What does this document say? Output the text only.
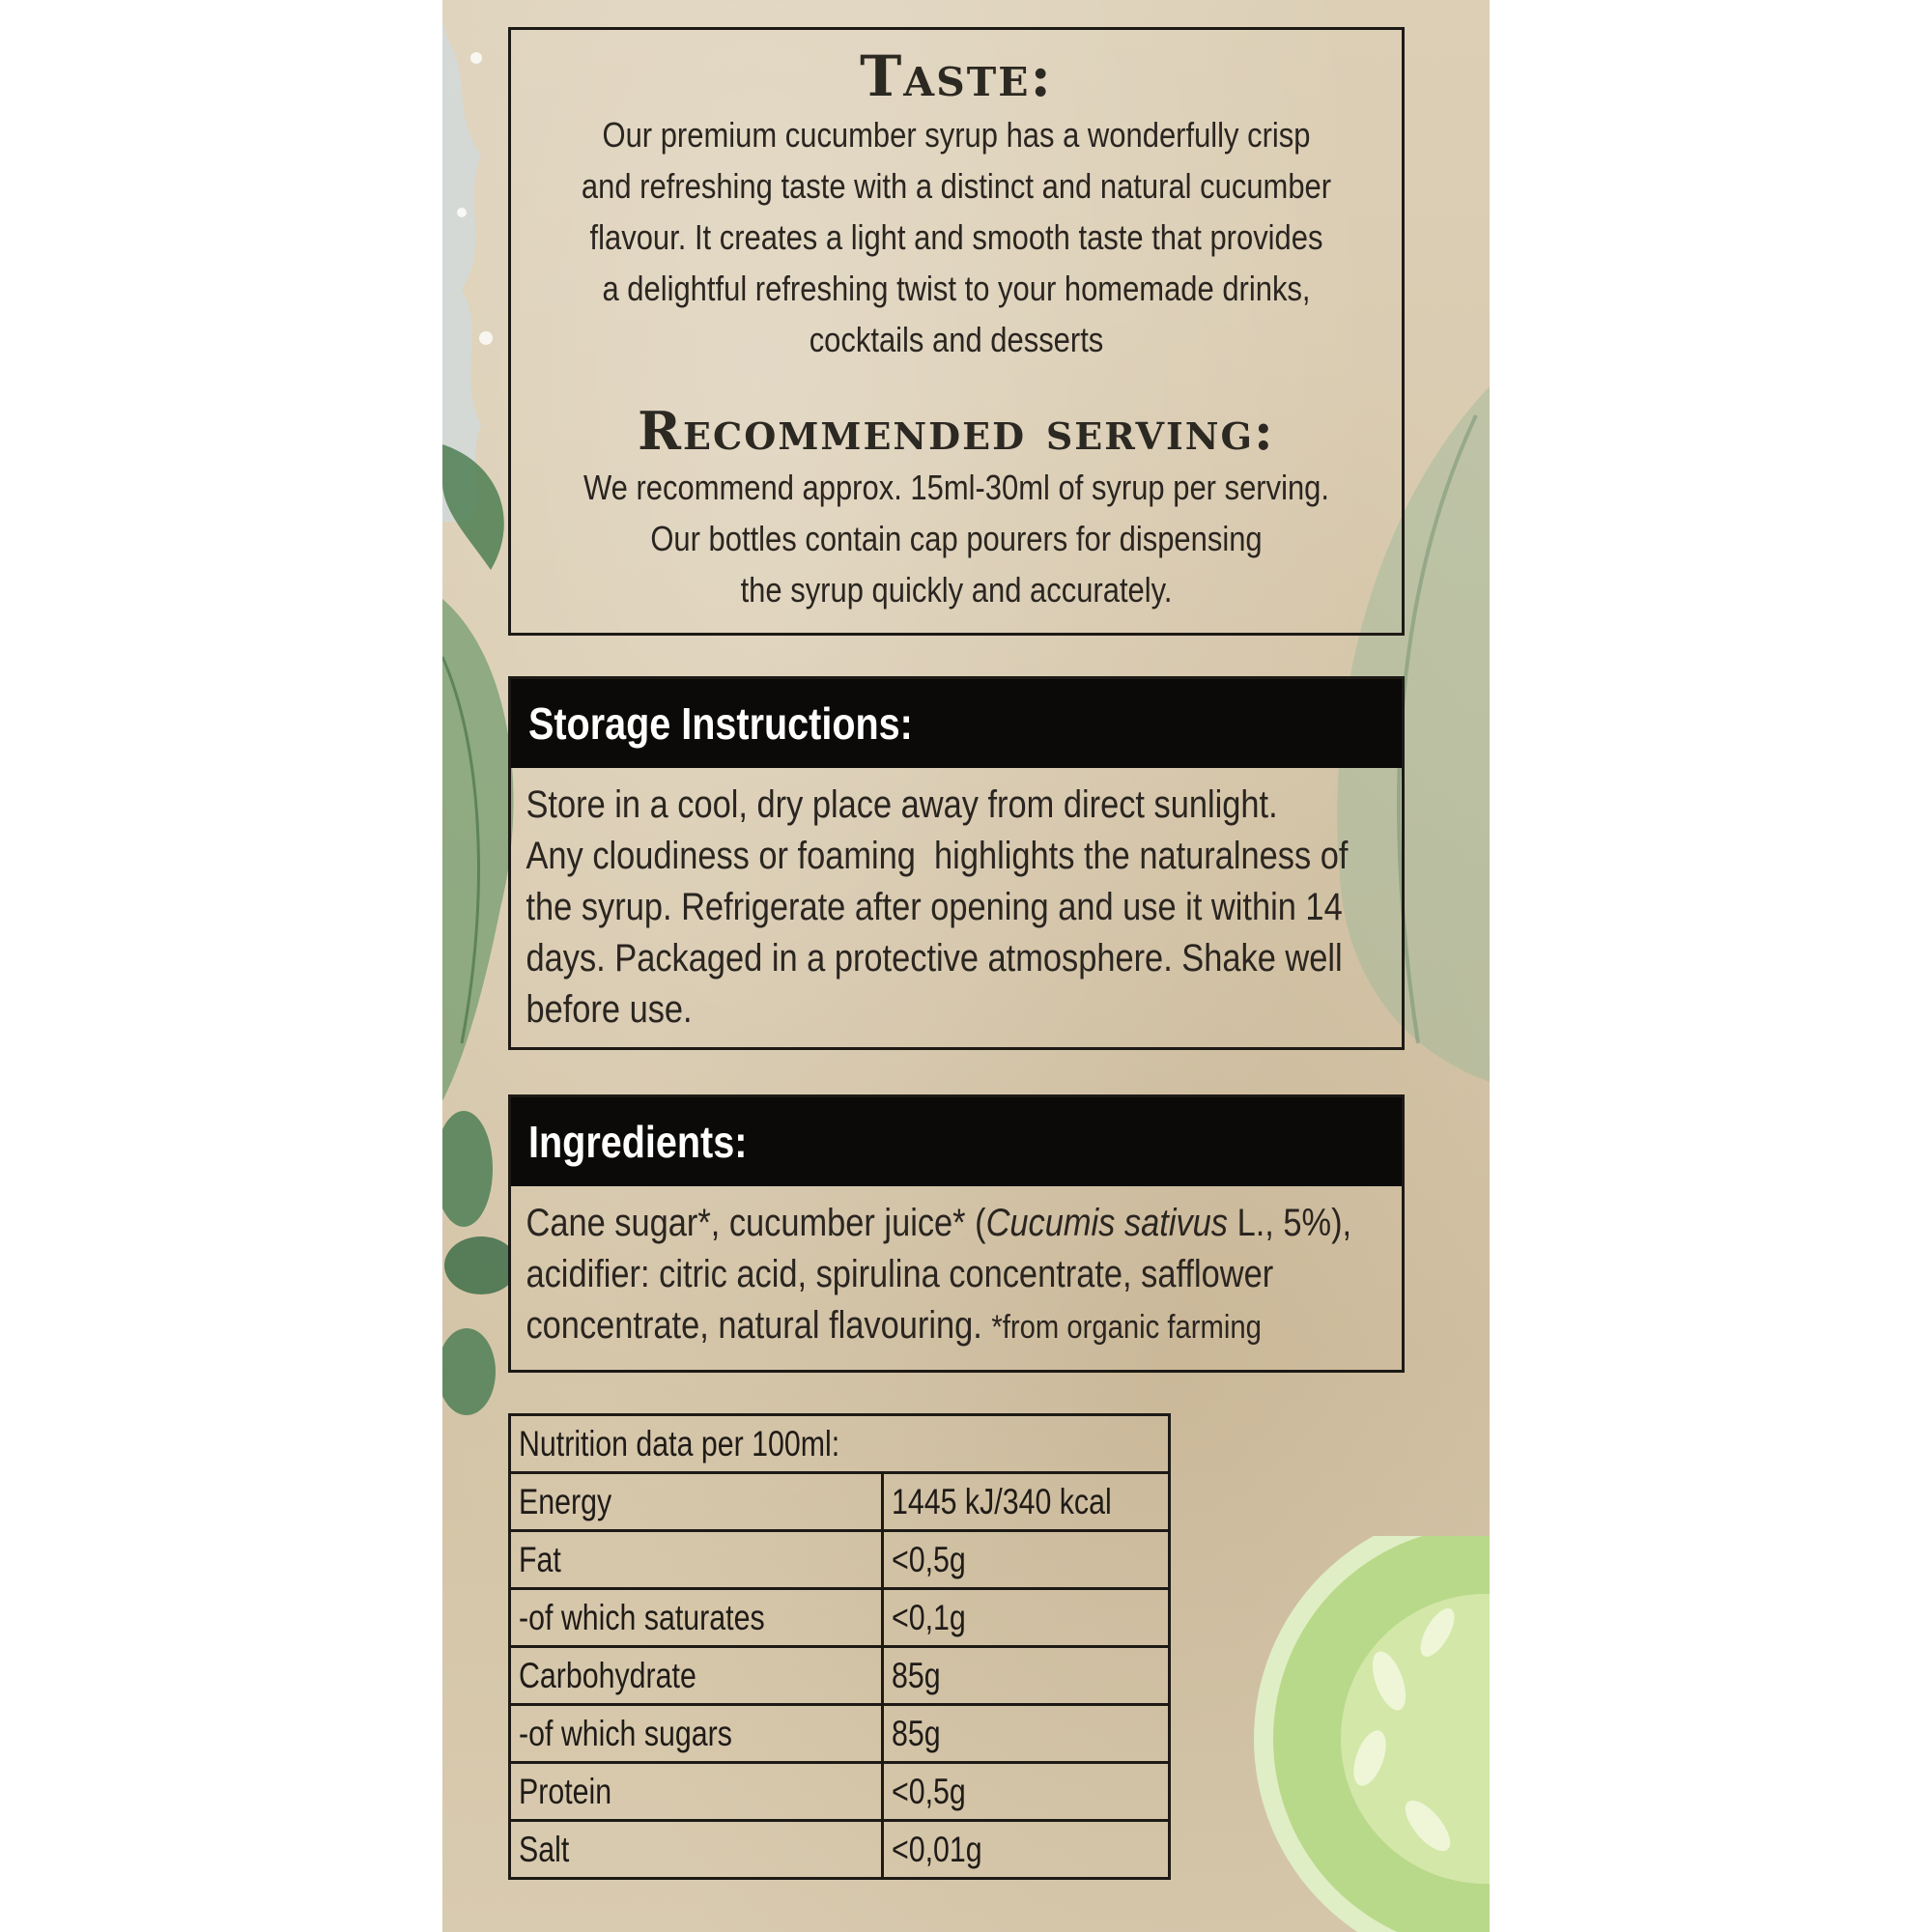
Taste:

Our premium cucumber syrup has a wonderfully crisp

and refreshing taste with a distinct and natural cucumber

flavour. It creates a light and smooth taste that provides

a delightful refreshing twist to your homemade drinks,

cocktails and desserts

Recommended serving:

We recommend approx. 15ml-30ml of syrup per serving.

Our bottles contain cap pourers for dispensing

the syrup quickly and accurately.

Storage Instructions:
Store in a cool, dry place away from direct sunlight.
Any cloudiness or foaming  highlights the naturalness of
the syrup. Refrigerate after opening and use it within 14
days. Packaged in a protective atmosphere. Shake well
before use.
Ingredients:
Cane sugar*, cucumber juice* (Cucumis sativus L., 5%),
acidifier: citric acid, spirulina concentrate, safflower
concentrate, natural flavouring. *from organic farming
Nutrition data per 100ml:	
Energy	1445 kJ/340 kcal
Fat	<0,5g
-of which saturates	<0,1g
Carbohydrate	85g
-of which sugars	85g
Protein	<0,5g
Salt	<0,01g
